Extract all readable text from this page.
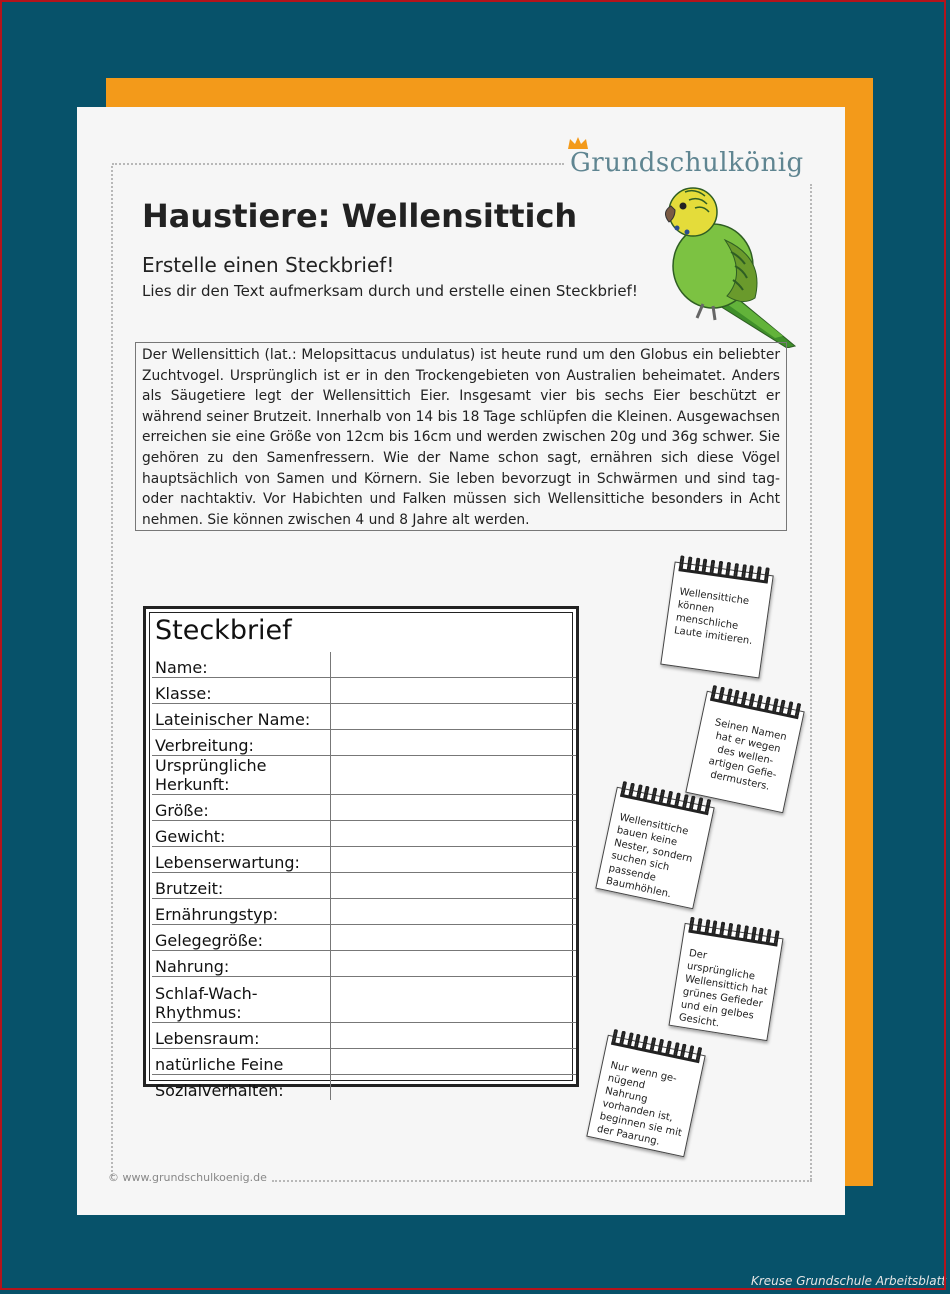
Grundschulkönig
Haustiere: Wellensittich
Erstelle einen Steckbrief!
Lies dir den Text aufmerksam durch und erstelle einen Steckbrief!
Der Wellensittich (lat.: Melopsittacus undulatus) ist heute rund um den Globus ein beliebter Zuchtvogel. Ursprünglich ist er in den Trockengebieten von Australien beheimatet. Anders als Säugetiere legt der Wellensittich Eier. Insgesamt vier bis sechs Eier beschützt er während seiner Brutzeit. Innerhalb von 14 bis 18 Tage schlüpfen die Kleinen. Ausgewachsen erreichen sie eine Größe von 12cm bis 16cm und werden zwischen 20g und 36g schwer. Sie gehören zu den Samenfressern. Wie der Name schon sagt, ernähren sich diese Vögel hauptsächlich von Samen und Körnern. Sie leben bevorzugt in Schwärmen und sind tag- oder nachtaktiv. Vor Habichten und Falken müssen sich Wellensittiche besonders in Acht nehmen. Sie können zwischen 4 und 8 Jahre alt werden.
Steckbrief
Name:	
Klasse:	
Lateinischer Name:	
Verbreitung:	
Ursprüngliche Herkunft:	
Größe:	
Gewicht:	
Lebenserwartung:	
Brutzeit:	
Ernährungstyp:	
Gelegegröße:	
Nahrung:	
Schlaf-Wach-Rhythmus:	
Lebensraum:	
natürliche Feine	
Sozialverhalten:	
Wellensittiche können menschliche Laute imitieren.
Seinen Namen hat er wegen des wellen-artigen Gefie-dermusters.
Wellensittiche bauen keine Nester, sondern suchen sich passende Baumhöhlen.
Der ursprüngliche Wellensittich hat grünes Gefieder und ein gelbes Gesicht.
Nur wenn ge-nügend Nahrung vorhanden ist, beginnen sie mit der Paarung.
© www.grundschulkoenig.de
Kreuse Grundschule Arbeitsblatt
